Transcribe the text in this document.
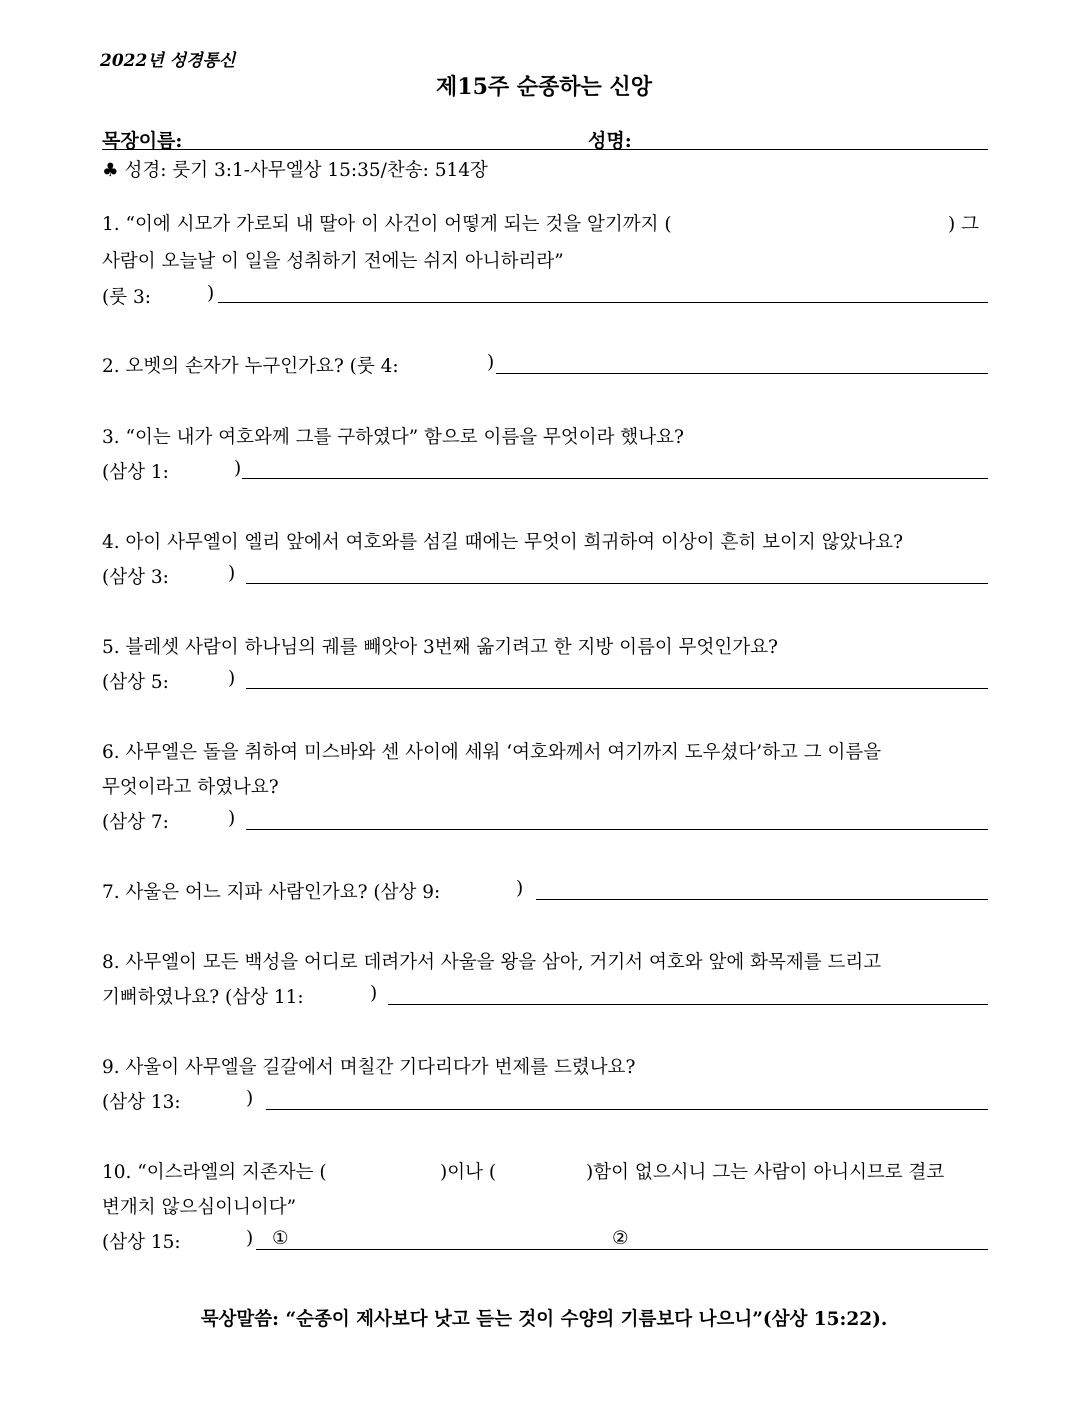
2022년 성경통신
제15주 순종하는 신앙
목장이름:	성명:
♣ 성경: 룻기 3:1-사무엘상 15:35/찬송: 514장
1. “이에 시모가 가로되 내 딸아 이 사건이 어떻게 되는 것을 알기까지 (	) 그
사람이 오늘날 이 일을 성취하기 전에는 쉬지 아니하리라”
(룻 3:	)
2. 오벳의 손자가 누구인가요? (룻 4:	)
3. “이는 내가 여호와께 그를 구하였다” 함으로 이름을 무엇이라 했나요?
(삼상 1:	)
4. 아이 사무엘이 엘리 앞에서 여호와를 섬길 때에는 무엇이 희귀하여 이상이 흔히 보이지 않았나요?
(삼상 3:	)
5. 블레셋 사람이 하나님의 궤를 빼앗아 3번째 옮기려고 한 지방 이름이 무엇인가요?
(삼상 5:	)
6. 사무엘은 돌을 취하여 미스바와 센 사이에 세워 ‘여호와께서 여기까지 도우셨다’하고 그 이름을
무엇이라고 하였나요?
(삼상 7:	)
7. 사울은 어느 지파 사람인가요? (삼상 9:	)
8. 사무엘이 모든 백성을 어디로 데려가서 사울을 왕을 삼아, 거기서 여호와 앞에 화목제를 드리고
기뻐하였나요? (삼상 11:	)
9. 사울이 사무엘을 길갈에서 며칠간 기다리다가 번제를 드렸나요?
(삼상 13:	)
10. “이스라엘의 지존자는 (	)이나 (	)함이 없으시니 그는 사람이 아니시므로 결코
변개치 않으심이니이다”
(삼상 15:	) ①	②
묵상말씀: “순종이 제사보다 낫고 듣는 것이 수양의 기름보다 나으니”(삼상 15:22).
